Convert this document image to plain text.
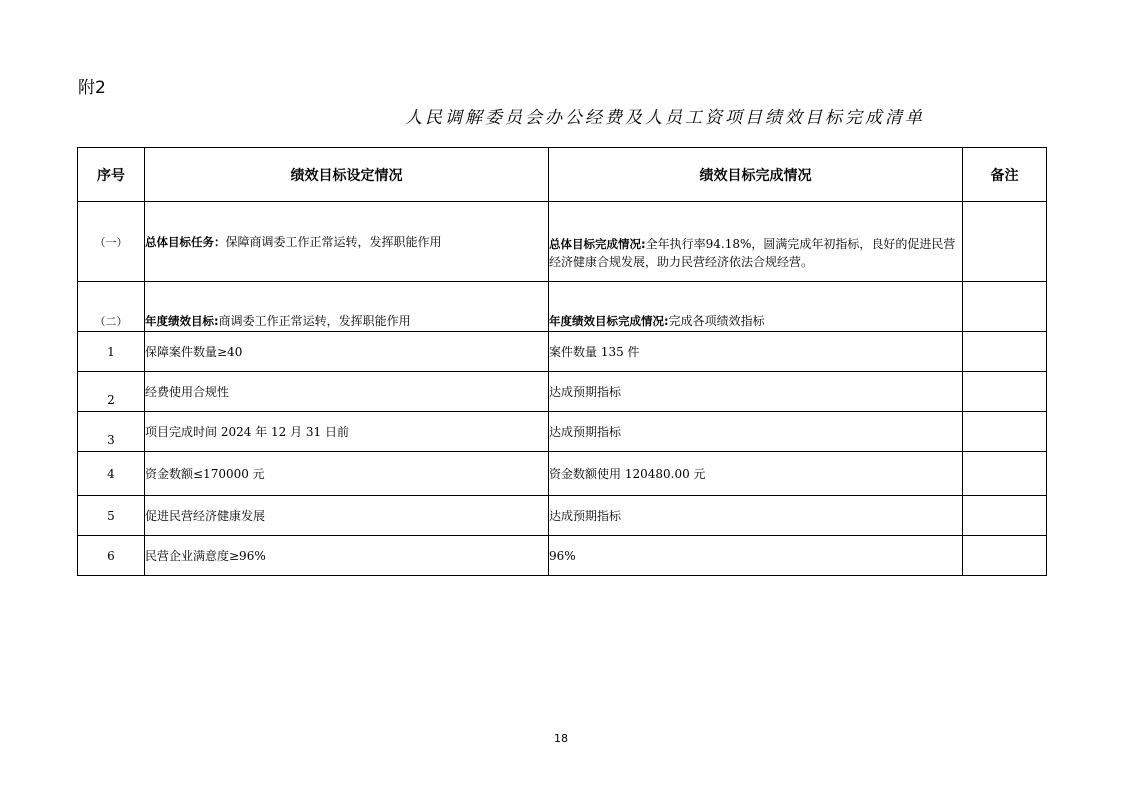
附2
人民调解委员会办公经费及人员工资项目绩效目标完成清单
序号	绩效目标设定情况	绩效目标完成情况	备注
（一）	总体目标任务：保障商调委工作正常运转，发挥职能作用	总体目标完成情况:全年执行率94.18%，圆满完成年初指标，良好的促进民营 经济健康合规发展，助力民营经济依法合规经营。	
（二）	年度绩效目标:商调委工作正常运转，发挥职能作用	年度绩效目标完成情况:完成各项绩效指标	
1	保障案件数量≥40	案件数量 135 件	
2	经费使用合规性	达成预期指标	
3	项目完成时间 2024 年 12 月 31 日前	达成预期指标	
4	资金数额≤170000 元	资金数额使用 120480.00 元	
5	促进民营经济健康发展	达成预期指标	
6	民营企业满意度≥96%	96%	
18
